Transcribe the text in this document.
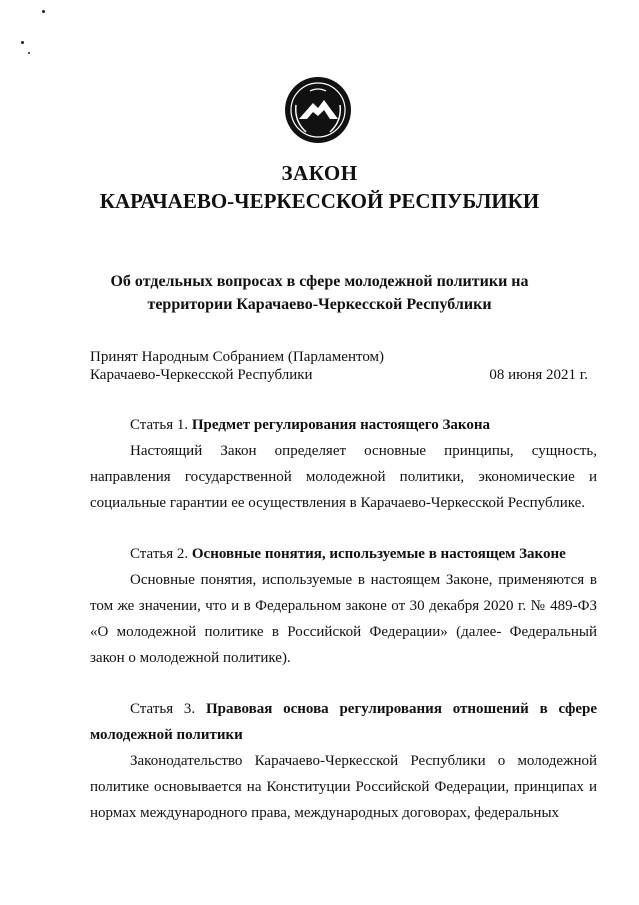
ЗАКОН
КАРАЧАЕВО-ЧЕРКЕССКОЙ РЕСПУБЛИКИ
Об отдельных вопросах в сфере молодежной политики на
территории Карачаево-Черкесской Республики
Принят Народным Собранием (Парламентом)
Карачаево-Черкесской Республики	08 июня 2021 г.

Статья 1. Предмет регулирования настоящего Закона

Настоящий Закон определяет основные принципы, сущность, направления государственной молодежной политики, экономические и социальные гарантии ее осуществления в Карачаево-Черкесской Республике.

Статья 2. Основные понятия, используемые в настоящем Законе

Основные понятия, используемые в настоящем Законе, применяются в том же значении, что и в Федеральном законе от 30 декабря 2020 г. № 489-ФЗ «О молодежной политике в Российской Федерации» (далее- Федеральный закон о молодежной политике).

Статья 3. Правовая основа регулирования отношений в сфере молодежной политики

Законодательство Карачаево-Черкесской Республики о молодежной политике основывается на Конституции Российской Федерации, принципах и нормах международного права, международных договорах, федеральных
